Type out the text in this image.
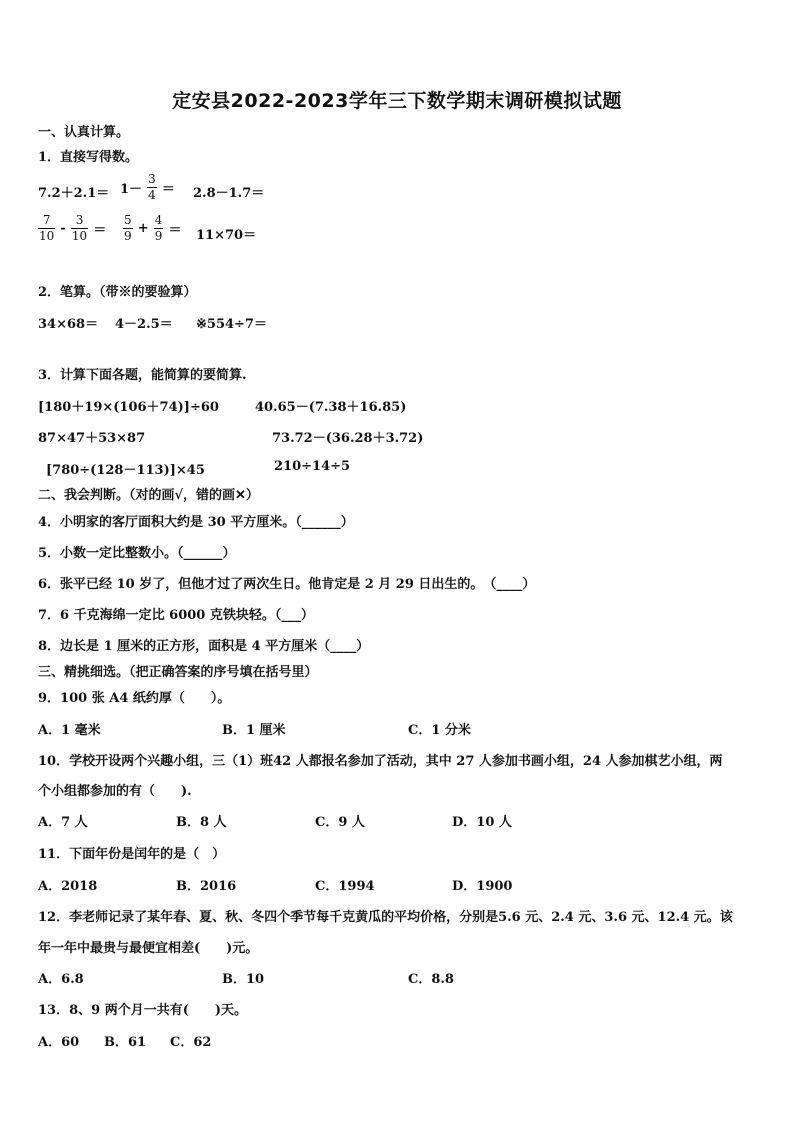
定安县2022-2023学年三下数学期末调研模拟试题
一、认真计算。
1．直接写得数。
$7.2+2.1= 1- \frac{3}{4} = 2.8-1.7=$
$\frac{7}{10} - \frac{3}{10} = \frac{5}{9} + \frac{4}{9} = 11\times 70=$
2．笔算。（带※的要验算）
34×68＝ 4－2.5＝ ※554÷7＝
3．计算下面各题，能简算的要简算.
[180＋19×(106＋74)]÷60	40.65－(7.38＋16.85)
87×47＋53×87	73.72－(36.28＋3.72)
[780÷(128－113)]×45	210÷14÷5
二、我会判断。（对的画√，错的画✕）
4．小明家的客厅面积大约是 30 平方厘米。（______）
5．小数一定比整数小。（______）
6．张平已经 10 岁了，但他才过了两次生日。他肯定是 2 月 29 日出生的。　（____）
7．6 千克海绵一定比 6000 克铁块轻。（___）
8．边长是 1 厘米的正方形，面积是 4 平方厘米（____）
三、精挑细选。（把正确答案的序号填在括号里）
9．100 张 A4 纸约厚（　　）。
A．1 毫米	B．1 厘米	C．1 分米
10．学校开设两个兴趣小组，三（1）班42 人都报名参加了活动，其中 27 人参加书画小组，24 人参加棋艺小组，两
个小组都参加的有（　　).
A．7 人	B．8 人	C．9 人	D．10 人
11．下面年份是闰年的是（　）
A．2018	B．2016	C．1994	D．1900
12．李老师记录了某年春、夏、秋、冬四个季节每千克黄瓜的平均价格，分别是5.6 元、2.4 元、3.6 元、12.4 元。该
年一年中最贵与最便宜相差(　　)元。
A．6.8	B．10	C．8.8
13．8、9 两个月一共有(　　)天。
A．60 B．61 C．62
